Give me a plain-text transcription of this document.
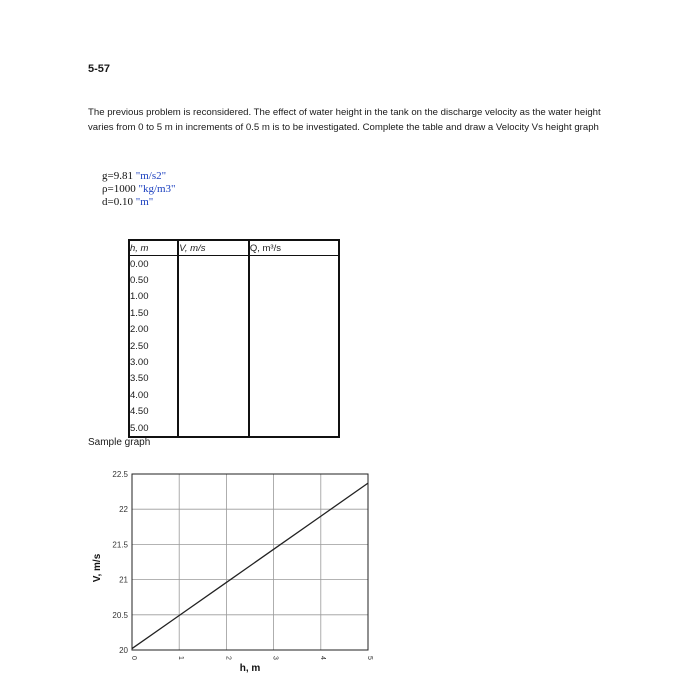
5-57
The previous problem is reconsidered. The effect of water height in the tank on the discharge velocity as the water height varies from 0 to 5 m in increments of 0.5 m is to be investigated. Complete the table and draw a Velocity Vs height graph
g=9.81 "m/s2"
ρ=1000 "kg/m3"
d=0.10 "m"
h, m	V, m/s	Q, m³/s
0.00		
0.50		
1.00		
1.50		
2.00		
2.50		
3.00		
3.50		
4.00		
4.50		
5.00		
Sample graph
20
20.5
21
21.5
22
22.5
0	1	2	3	4	5
h, m
V, m/s
